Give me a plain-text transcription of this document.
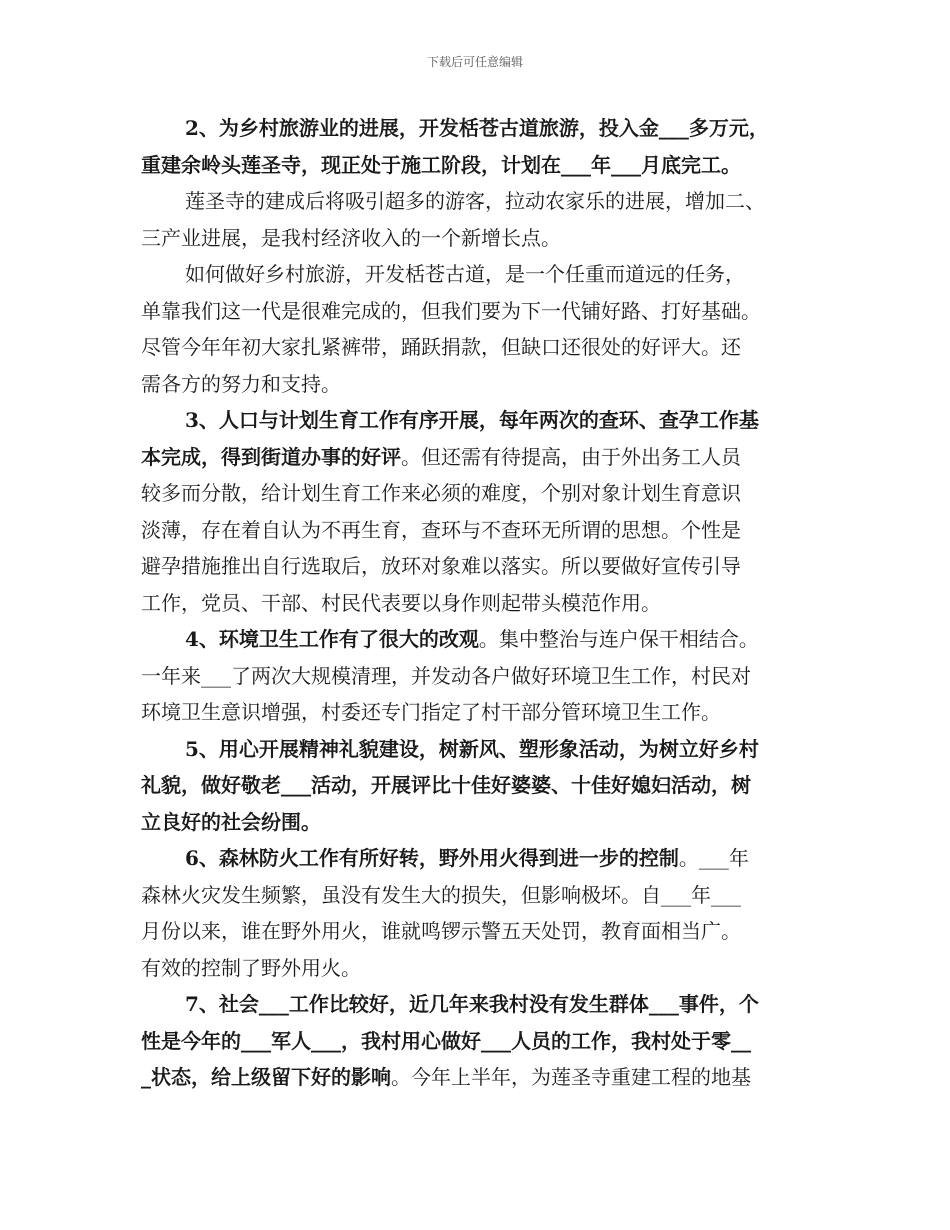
下载后可任意编辑
2、为乡村旅游业的进展，开发栝苍古道旅游，投入金___多万元，
重建余岭头莲圣寺，现正处于施工阶段，计划在___年___月底完工。
莲圣寺的建成后将吸引超多的游客，拉动农家乐的进展，增加二、
三产业进展，是我村经济收入的一个新增长点。
如何做好乡村旅游，开发栝苍古道，是一个任重而道远的任务，
单靠我们这一代是很难完成的，但我们要为下一代铺好路、打好基础。
尽管今年年初大家扎紧裤带，踊跃捐款，但缺口还很处的好评大。还
需各方的努力和支持。
3、人口与计划生育工作有序开展，每年两次的查环、查孕工作基
本完成，得到街道办事的好评。但还需有待提高，由于外出务工人员
较多而分散，给计划生育工作来必须的难度，个别对象计划生育意识
淡薄，存在着自认为不再生育，查环与不查环无所谓的思想。个性是
避孕措施推出自行选取后，放环对象难以落实。所以要做好宣传引导
工作，党员、干部、村民代表要以身作则起带头模范作用。
4、环境卫生工作有了很大的改观。集中整治与连户保干相结合。
一年来___了两次大规模清理，并发动各户做好环境卫生工作，村民对
环境卫生意识增强，村委还专门指定了村干部分管环境卫生工作。
5、用心开展精神礼貌建设，树新风、塑形象活动，为树立好乡村
礼貌，做好敬老___活动，开展评比十佳好婆婆、十佳好媳妇活动，树
立良好的社会纷围。
6、森林防火工作有所好转，野外用火得到进一步的控制。___年
森林火灾发生频繁，虽没有发生大的损失，但影响极坏。自___年___
月份以来，谁在野外用火，谁就鸣锣示警五天处罚，教育面相当广。
有效的控制了野外用火。
7、社会___工作比较好，近几年来我村没有发生群体___事件，个
性是今年的___军人___，我村用心做好___人员的工作，我村处于零__
_状态，给上级留下好的影响。今年上半年，为莲圣寺重建工程的地基
